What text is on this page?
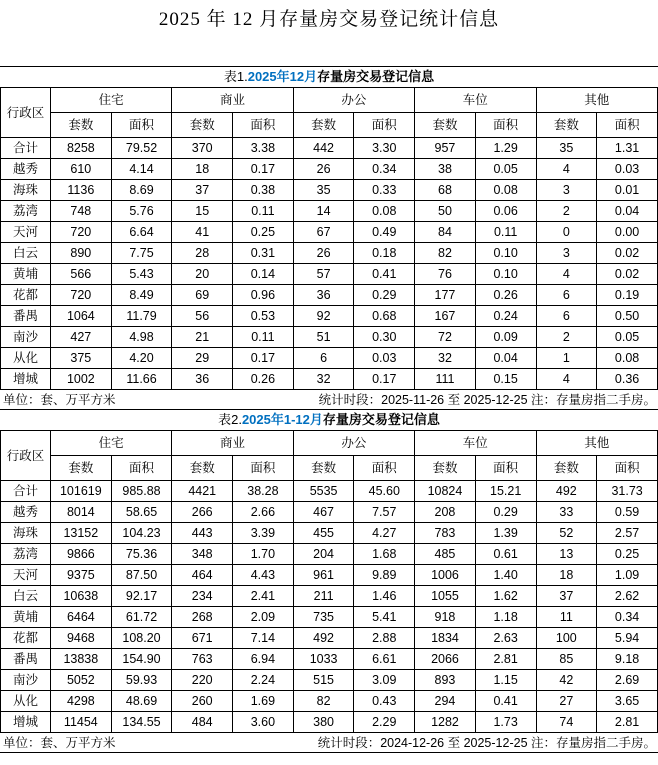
2025 年 12 月存量房交易登记统计信息
表1.2025年12月存量房交易登记信息
行政区	住宅		商业		办公		车位		其他	
	套数	面积	套数	面积	套数	面积	套数	面积	套数	面积
合计	8258	79.52	370	3.38	442	3.30	957	1.29	35	1.31
越秀	610	4.14	18	0.17	26	0.34	38	0.05	4	0.03
海珠	1136	8.69	37	0.38	35	0.33	68	0.08	3	0.01
荔湾	748	5.76	15	0.11	14	0.08	50	0.06	2	0.04
天河	720	6.64	41	0.25	67	0.49	84	0.11	0	0.00
白云	890	7.75	28	0.31	26	0.18	82	0.10	3	0.02
黄埔	566	5.43	20	0.14	57	0.41	76	0.10	4	0.02
花都	720	8.49	69	0.96	36	0.29	177	0.26	6	0.19
番禺	1064	11.79	56	0.53	92	0.68	167	0.24	6	0.50
南沙	427	4.98	21	0.11	51	0.30	72	0.09	2	0.05
从化	375	4.20	29	0.17	6	0.03	32	0.04	1	0.08
增城	1002	11.66	36	0.26	32	0.17	111	0.15	4	0.36
单位：套、万平方米	统计时段：2025-11-26 至 2025-12-25 注：存量房指二手房。
表2.2025年1-12月存量房交易登记信息
行政区	住宅		商业		办公		车位		其他	
	套数	面积	套数	面积	套数	面积	套数	面积	套数	面积
合计	101619	985.88	4421	38.28	5535	45.60	10824	15.21	492	31.73
越秀	8014	58.65	266	2.66	467	7.57	208	0.29	33	0.59
海珠	13152	104.23	443	3.39	455	4.27	783	1.39	52	2.57
荔湾	9866	75.36	348	1.70	204	1.68	485	0.61	13	0.25
天河	9375	87.50	464	4.43	961	9.89	1006	1.40	18	1.09
白云	10638	92.17	234	2.41	211	1.46	1055	1.62	37	2.62
黄埔	6464	61.72	268	2.09	735	5.41	918	1.18	11	0.34
花都	9468	108.20	671	7.14	492	2.88	1834	2.63	100	5.94
番禺	13838	154.90	763	6.94	1033	6.61	2066	2.81	85	9.18
南沙	5052	59.93	220	2.24	515	3.09	893	1.15	42	2.69
从化	4298	48.69	260	1.69	82	0.43	294	0.41	27	3.65
增城	11454	134.55	484	3.60	380	2.29	1282	1.73	74	2.81
单位：套、万平方米	统计时段：2024-12-26 至 2025-12-25 注：存量房指二手房。
